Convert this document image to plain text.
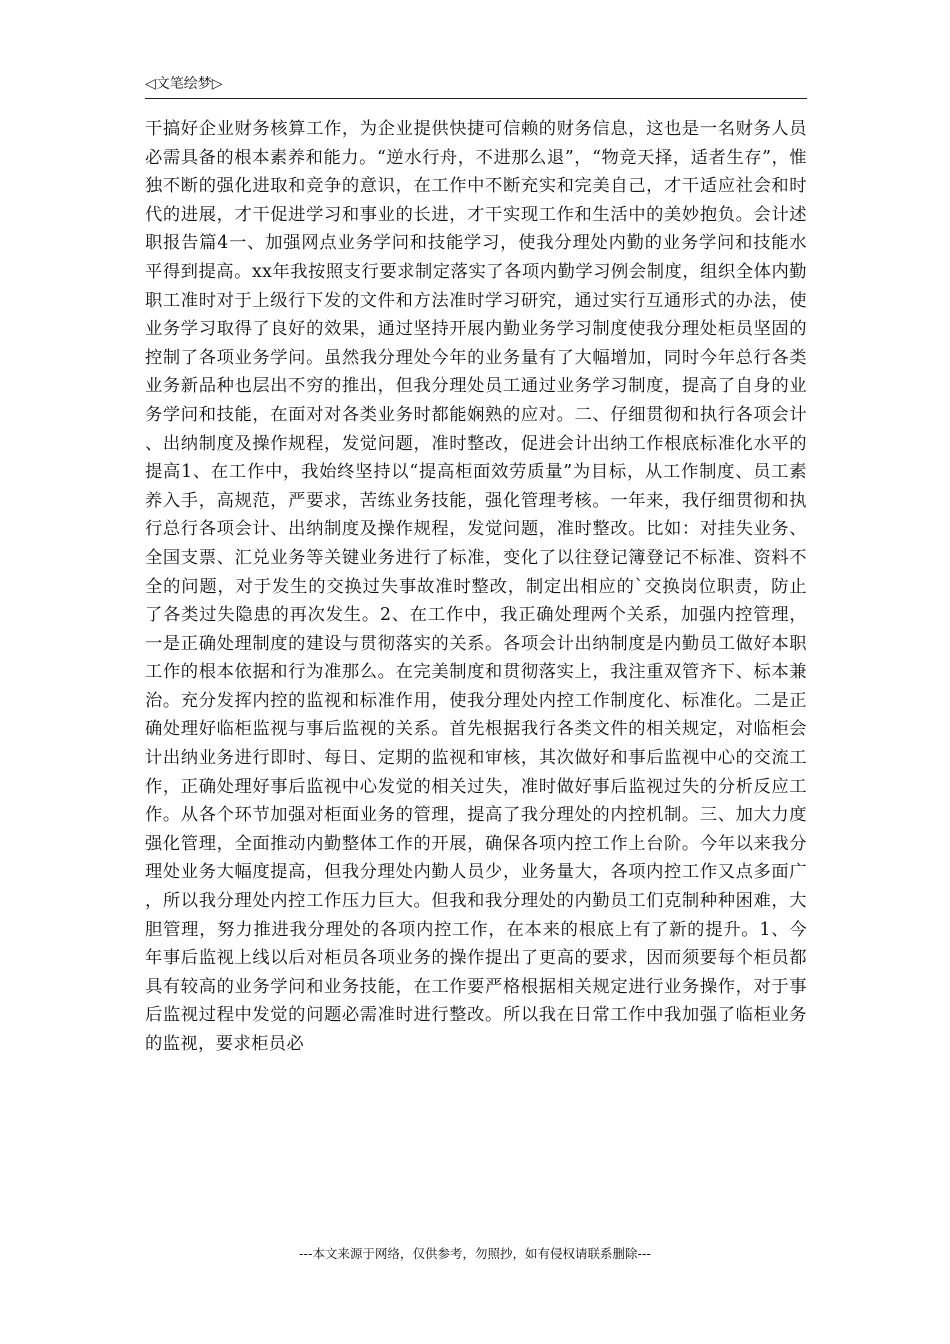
◁文笔绘梦▷

干搞好企业财务核算工作，为企业提供快捷可信赖的财务信息，这也是一名财务人员必需具备的根本素养和能力。“逆水行舟，不进那么退”，“物竞天择，适者生存”，惟独不断的强化进取和竞争的意识，在工作中不断充实和完美自己，才干适应社会和时代的进展，才干促进学习和事业的长进，才干实现工作和生活中的美妙抱负。会计述职报告篇4一、加强网点业务学问和技能学习，使我分理处内勤的业务学问和技能水平得到提高。xx年我按照支行要求制定落实了各项内勤学习例会制度，组织全体内勤职工准时对于上级行下发的文件和方法准时学习研究，通过实行互通形式的办法，使业务学习取得了良好的效果，通过坚持开展内勤业务学习制度使我分理处柜员坚固的控制了各项业务学问。虽然我分理处今年的业务量有了大幅增加，同时今年总行各类业务新品种也层出不穷的推出，但我分理处员工通过业务学习制度，提高了自身的业务学问和技能，在面对对各类业务时都能娴熟的应对。二、仔细贯彻和执行各项会计、出纳制度及操作规程，发觉问题，准时整改，促进会计出纳工作根底标准化水平的提高1、在工作中，我始终坚持以“提高柜面效劳质量”为目标，从工作制度、员工素养入手，高规范，严要求，苦练业务技能，强化管理考核。一年来，我仔细贯彻和执行总行各项会计、出纳制度及操作规程，发觉问题，准时整改。比如：对挂失业务、全国支票、汇兑业务等关键业务进行了标准，变化了以往登记簿登记不标准、资料不全的问题，对于发生的交换过失事故准时整改，制定出相应的`交换岗位职责，防止了各类过失隐患的再次发生。2、在工作中，我正确处理两个关系，加强内控管理，一是正确处理制度的建设与贯彻落实的关系。各项会计出纳制度是内勤员工做好本职工作的根本依据和行为准那么。在完美制度和贯彻落实上，我注重双管齐下、标本兼治。充分发挥内控的监视和标准作用，使我分理处内控工作制度化、标准化。二是正确处理好临柜监视与事后监视的关系。首先根据我行各类文件的相关规定，对临柜会计出纳业务进行即时、每日、定期的监视和审核，其次做好和事后监视中心的交流工作，正确处理好事后监视中心发觉的相关过失，准时做好事后监视过失的分析反应工作。从各个环节加强对柜面业务的管理，提高了我分理处的内控机制。三、加大力度强化管理，全面推动内勤整体工作的开展，确保各项内控工作上台阶。今年以来我分理处业务大幅度提高，但我分理处内勤人员少，业务量大，各项内控工作又点多面广，所以我分理处内控工作压力巨大。但我和我分理处的内勤员工们克制种种困难，大胆管理，努力推进我分理处的各项内控工作，在本来的根底上有了新的提升。1、今年事后监视上线以后对柜员各项业务的操作提出了更高的要求，因而须要每个柜员都具有较高的业务学问和业务技能，在工作要严格根据相关规定进行业务操作，对于事后监视过程中发觉的问题必需准时进行整改。所以我在日常工作中我加强了临柜业务的监视，要求柜员必

---本文来源于网络，仅供参考，勿照抄，如有侵权请联系删除---
